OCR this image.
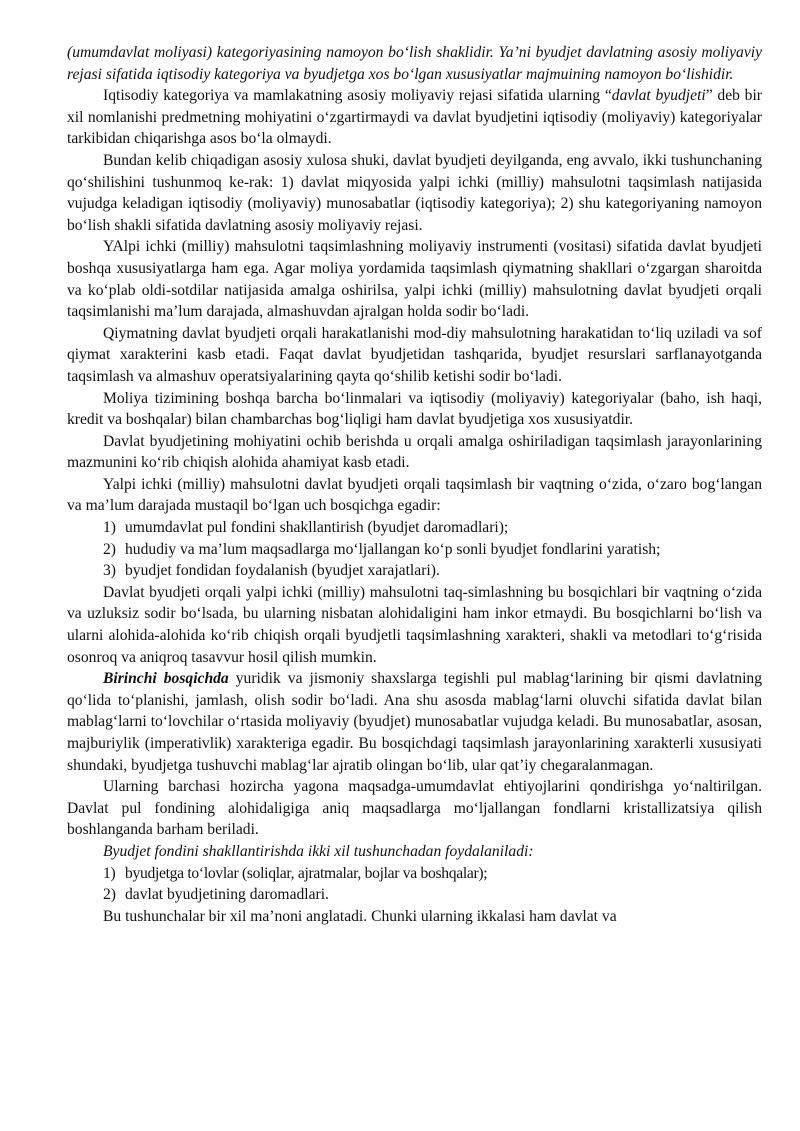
(umumdavlat moliyasi) kategoriyasining namoyon bo‘lish shaklidir. Ya’ni byudjet davlatning asosiy moliyaviy rejasi sifatida iqtisodiy kategoriya va byudjetga xos bo‘lgan xususiyatlar majmuining namoyon bo‘lishidir.

Iqtisodiy kategoriya va mamlakatning asosiy moliyaviy rejasi sifatida ularning “davlat byudjeti” deb bir xil nomlanishi predmetning mohiyatini o‘zgartirmaydi va davlat byudjetini iqtisodiy (moliyaviy) kategoriyalar tarkibidan chiqarishga asos bo‘la olmaydi.

Bundan kelib chiqadigan asosiy xulosa shuki, davlat byudjeti deyilganda, eng avvalo, ikki tushunchaning qo‘shilishini tushunmoq ke-rak: 1) davlat miqyosida yalpi ichki (milliy) mahsulotni taqsimlash natijasida vujudga keladigan iqtisodiy (moliyaviy) munosabatlar (iqtisodiy kategoriya); 2) shu kategoriyaning namoyon bo‘lish shakli sifatida davlatning asosiy moliyaviy rejasi.

YAlpi ichki (milliy) mahsulotni taqsimlashning moliyaviy instrumenti (vositasi) sifatida davlat byudjeti boshqa xususiyatlarga ham ega. Agar moliya yordamida taqsimlash qiymatning shakllari o‘zgargan sharoitda va ko‘plab oldi-sotdilar natijasida amalga oshirilsa, yalpi ichki (milliy) mahsulotning davlat byudjeti orqali taqsimlanishi ma’lum darajada, almashuvdan ajralgan holda sodir bo‘ladi.

Qiymatning davlat byudjeti orqali harakatlanishi mod-diy mahsulotning harakatidan to‘liq uziladi va sof qiymat xarakterini kasb etadi. Faqat davlat byudjetidan tashqarida, byudjet resurslari sarflanayotganda taqsimlash va almashuv operatsiyalarining qayta qo‘shilib ketishi sodir bo‘ladi.

Moliya tizimining boshqa barcha bo‘linmalari va iqtisodiy (moliyaviy) kategoriyalar (baho, ish haqi, kredit va boshqalar) bilan chambarchas bog‘liqligi ham davlat byudjetiga xos xususiyatdir.

Davlat byudjetining mohiyatini ochib berishda u orqali amalga oshiriladigan taqsimlash jarayonlarining mazmunini ko‘rib chiqish alohida ahamiyat kasb etadi.

Yalpi ichki (milliy) mahsulotni davlat byudjeti orqali taqsimlash bir vaqtning o‘zida, o‘zaro bog‘langan va ma’lum darajada mustaqil bo‘lgan uch bosqichga egadir:

1) umumdavlat pul fondini shakllantirish (byudjet daromadlari);

2) hududiy va ma’lum maqsadlarga mo‘ljallangan ko‘p sonli byudjet fondlarini yaratish;

3) byudjet fondidan foydalanish (byudjet xarajatlari).

Davlat byudjeti orqali yalpi ichki (milliy) mahsulotni taq-simlashning bu bosqichlari bir vaqtning o‘zida va uzluksiz sodir bo‘lsada, bu ularning nisbatan alohidaligini ham inkor etmaydi. Bu bosqichlarni bo‘lish va ularni alohida-alohida ko‘rib chiqish orqali byudjetli taqsimlashning xarakteri, shakli va metodlari to‘g‘risida osonroq va aniqroq tasavvur hosil qilish mumkin.

Birinchi bosqichda yuridik va jismoniy shaxslarga tegishli pul mablag‘larining bir qismi davlatning qo‘lida to‘planishi, jamlash, olish sodir bo‘ladi. Ana shu asosda mablag‘larni oluvchi sifatida davlat bilan mablag‘larni to‘lovchilar o‘rtasida moliyaviy (byudjet) munosabatlar vujudga keladi. Bu munosabatlar, asosan, majburiylik (imperativlik) xarakteriga egadir. Bu bosqichdagi taqsimlash jarayonlarining xarakterli xususiyati shundaki, byudjetga tushuvchi mablag‘lar ajratib olingan bo‘lib, ular qat’iy chegaralanmagan.

Ularning barchasi hozircha yagona maqsadga-umumdavlat ehtiyojlarini qondirishga yo‘naltirilgan. Davlat pul fondining alohidaligiga aniq maqsadlarga mo‘ljallangan fondlarni kristallizatsiya qilish boshlanganda barham beriladi.

Byudjet fondini shakllantirishda ikki xil tushunchadan foydalaniladi:

1) byudjetga to‘lovlar (soliqlar, ajratmalar, bojlar va boshqalar);

2) davlat byudjetining daromadlari.

Bu tushunchalar bir xil ma’noni anglatadi. Chunki ularning ikkalasi ham davlat va
